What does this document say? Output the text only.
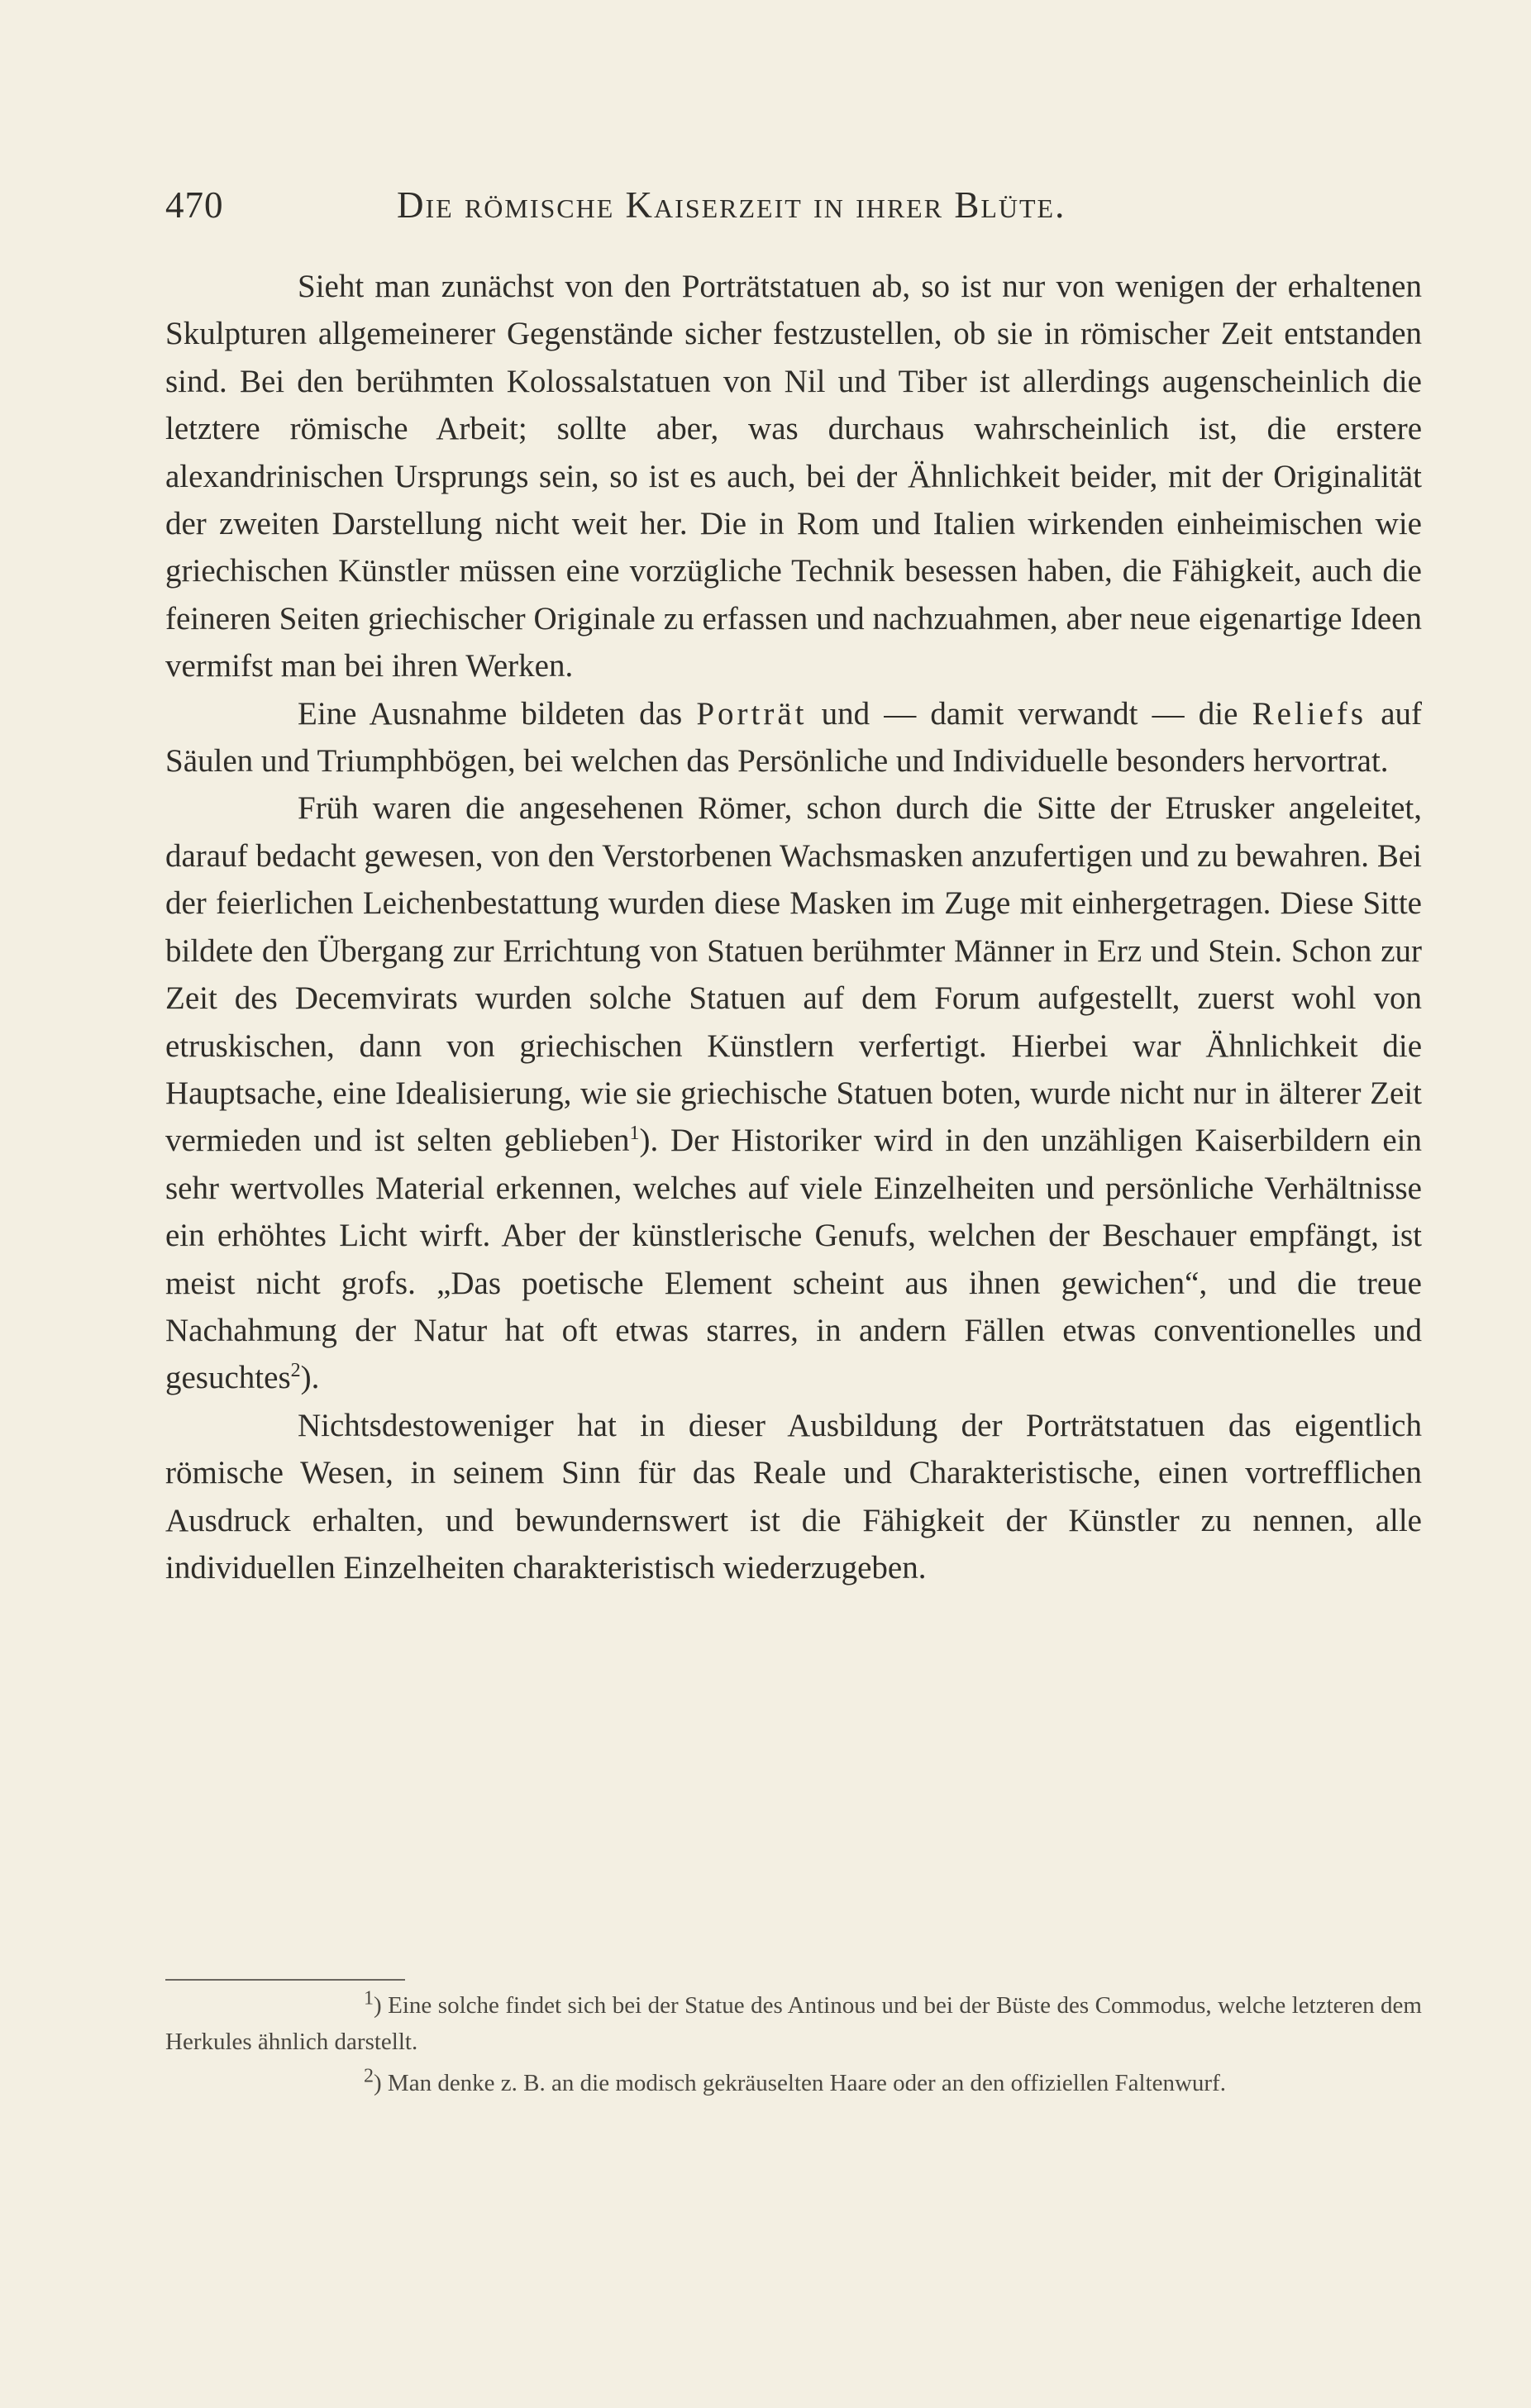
470	Die römische Kaiserzeit in ihrer Blüte.

Sieht man zunächst von den Porträtstatuen ab, so ist nur von wenigen der erhaltenen Skulpturen allgemeinerer Gegenstände sicher festzustellen, ob sie in römischer Zeit entstanden sind. Bei den berühmten Kolossalstatuen von Nil und Tiber ist allerdings augenscheinlich die letztere römische Arbeit; sollte aber, was durchaus wahrscheinlich ist, die erstere alexandrinischen Ursprungs sein, so ist es auch, bei der Ähnlichkeit beider, mit der Originalität der zweiten Darstellung nicht weit her. Die in Rom und Italien wirkenden einheimischen wie griechischen Künstler müssen eine vorzügliche Technik besessen haben, die Fähigkeit, auch die feineren Seiten griechischer Originale zu erfassen und nachzuahmen, aber neue eigenartige Ideen vermifst man bei ihren Werken.

Eine Ausnahme bildeten das Porträt und — damit verwandt — die Reliefs auf Säulen und Triumphbögen, bei welchen das Persönliche und Individuelle besonders hervortrat.

Früh waren die angesehenen Römer, schon durch die Sitte der Etrusker angeleitet, darauf bedacht gewesen, von den Verstorbenen Wachsmasken anzufertigen und zu bewahren. Bei der feierlichen Leichenbestattung wurden diese Masken im Zuge mit einhergetragen. Diese Sitte bildete den Übergang zur Errichtung von Statuen berühmter Männer in Erz und Stein. Schon zur Zeit des Decemvirats wurden solche Statuen auf dem Forum aufgestellt, zuerst wohl von etruskischen, dann von griechischen Künstlern verfertigt. Hierbei war Ähnlichkeit die Hauptsache, eine Idealisierung, wie sie griechische Statuen boten, wurde nicht nur in älterer Zeit vermieden und ist selten geblieben$^1$). Der Historiker wird in den unzähligen Kaiserbildern ein sehr wertvolles Material erkennen, welches auf viele Einzelheiten und persönliche Verhältnisse ein erhöhtes Licht wirft. Aber der künstlerische Genufs, welchen der Beschauer empfängt, ist meist nicht grofs. „Das poetische Element scheint aus ihnen gewichen“, und die treue Nachahmung der Natur hat oft etwas starres, in andern Fällen etwas conventionelles und gesuchtes$^2$).

Nichtsdestoweniger hat in dieser Ausbildung der Porträtstatuen das eigentlich römische Wesen, in seinem Sinn für das Reale und Charakteristische, einen vortrefflichen Ausdruck erhalten, und bewundernswert ist die Fähigkeit der Künstler zu nennen, alle individuellen Einzelheiten charakteristisch wiederzugeben.

$^1$) Eine solche findet sich bei der Statue des Antinous und bei der Büste des Commodus, welche letzteren dem Herkules ähnlich darstellt.

$^2$) Man denke z. B. an die modisch gekräuselten Haare oder an den offiziellen Faltenwurf.
